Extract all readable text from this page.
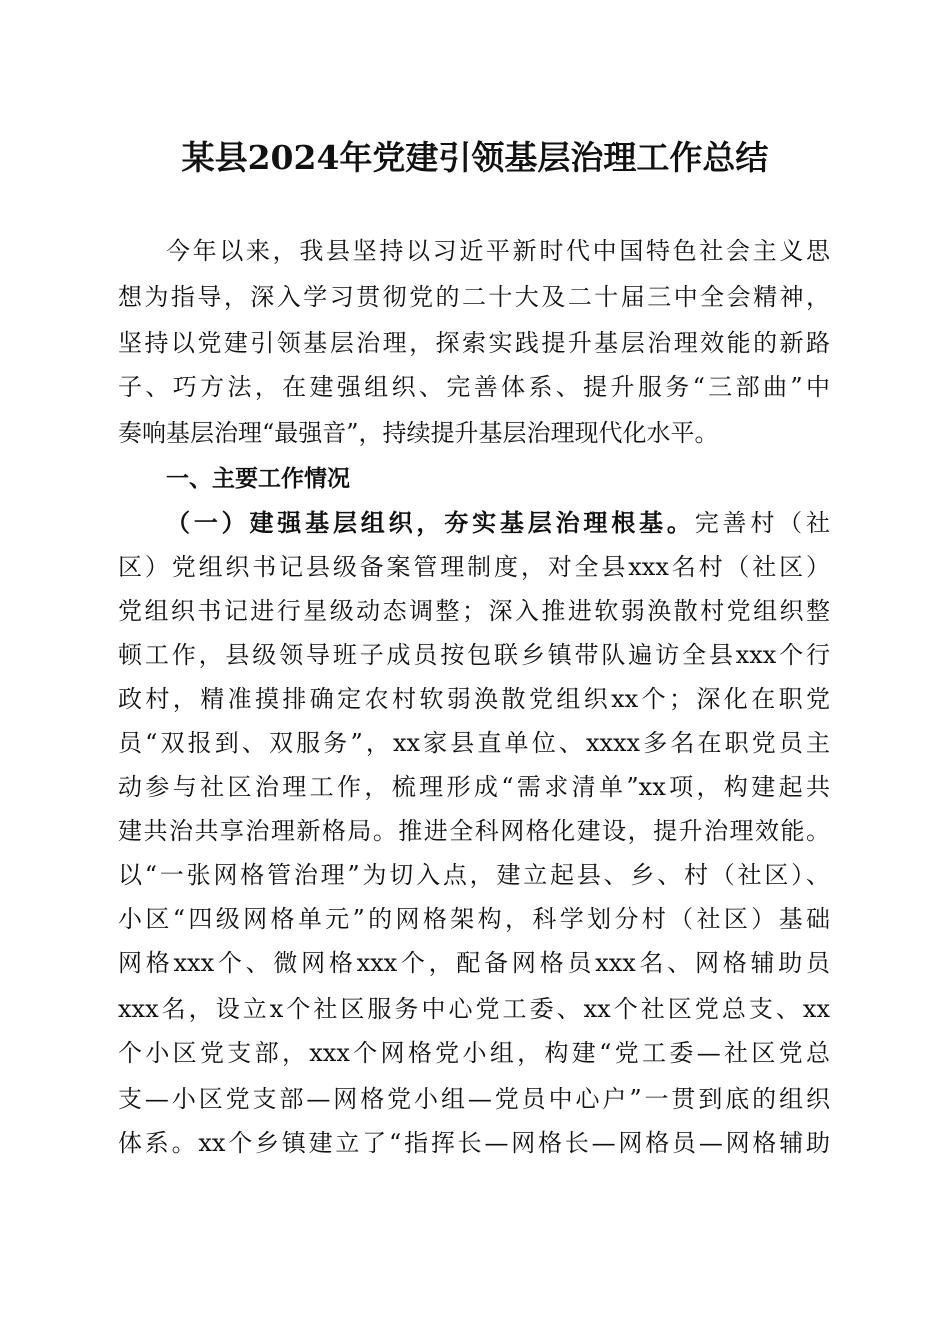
某县2024年党建引领基层治理工作总结

今年以来，我县坚持以习近平新时代中国特色社会主义思

想为指导，深入学习贯彻党的二十大及二十届三中全会精神，

坚持以党建引领基层治理，探索实践提升基层治理效能的新路

子、巧方法，在建强组织、完善体系、提升服务“三部曲”中

奏响基层治理“最强音”，持续提升基层治理现代化水平。

一、主要工作情况

（一）建强基层组织，夯实基层治理根基。完善村（社

区）党组织书记县级备案管理制度，对全县xxx名村（社区）

党组织书记进行星级动态调整；深入推进软弱涣散村党组织整

顿工作，县级领导班子成员按包联乡镇带队遍访全县xxx个行

政村，精准摸排确定农村软弱涣散党组织xx个；深化在职党

员“双报到、双服务”，xx家县直单位、xxxx多名在职党员主

动参与社区治理工作，梳理形成“需求清单”xx项，构建起共

建共治共享治理新格局。推进全科网格化建设，提升治理效能。

以“一张网格管治理”为切入点，建立起县、乡、村（社区）、

小区“四级网格单元”的网格架构，科学划分村（社区）基础

网格xxx个、微网格xxx个，配备网格员xxx名、网格辅助员

xxx名，设立x个社区服务中心党工委、xx个社区党总支、xx

个小区党支部，xxx个网格党小组，构建“党工委—社区党总

支—小区党支部—网格党小组—党员中心户”一贯到底的组织

体系。xx个乡镇建立了“指挥长—网格长—网格员—网格辅助
